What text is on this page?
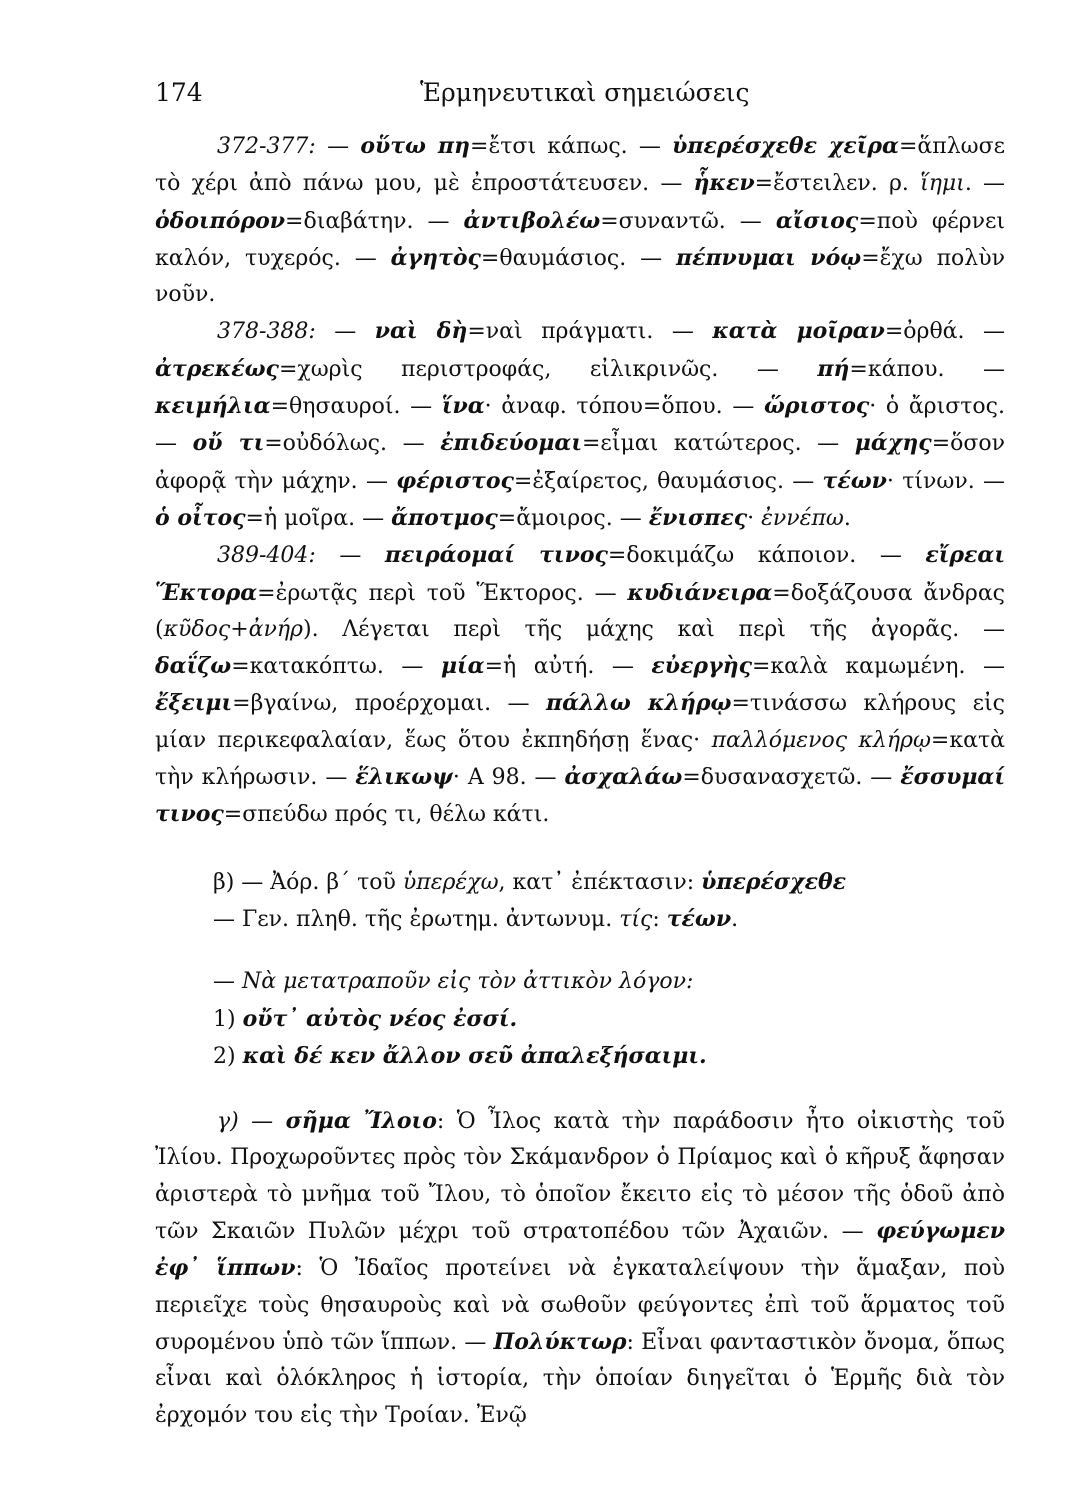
174	Ἑρμηνευτικαὶ σημειώσεις

372-377: — οὕτω πη=ἔτσι κάπως. — ὑπερέσχεθε χεῖρα=ἅπλωσε τὸ χέρι ἀπὸ πάνω μου, μὲ ἐπροστάτευσεν. — ἧκεν=ἔστειλεν. ρ. ἵημι. — ὁδοιπόρον=διαβάτην. — ἀντιβολέω=συναντῶ. — αἴσιος=ποὺ φέρνει καλόν, τυχερός. — ἀγητὸς=θαυμάσιος. — πέπνυμαι νόῳ=ἔχω πολὺν νοῦν.

378-388: — ναὶ δὴ=ναὶ πράγματι. — κατὰ μοῖραν=ὀρθά. — ἀτρεκέως=χωρὶς περιστροφάς, εἰλικρινῶς. — πή=κάπου. — κειμήλια=θησαυροί. — ἵνα· ἀναφ. τόπου=ὅπου. — ὥριστος· ὁ ἄριστος. — οὔ τι=οὐδόλως. — ἐπιδεύομαι=εἶμαι κατώτερος. — μάχης=ὅσον ἀφορᾷ τὴν μάχην. — φέριστος=ἐξαίρετος, θαυμάσιος. — τέων· τίνων. — ὁ οἶτος=ἡ μοῖρα. — ἄποτμος=ἄμοιρος. — ἔνισπες· ἐννέπω.

389-404: — πειράομαί τινος=δοκιμάζω κάποιον. — εἴρεαι Ἕκτορα=ἐρωτᾷς περὶ τοῦ Ἕκτορος. — κυδιάνειρα=δοξάζουσα ἄνδρας (κῦδος+ἀνήρ). Λέγεται περὶ τῆς μάχης καὶ περὶ τῆς ἀγορᾶς. — δαΐζω=κατακόπτω. — μία=ἡ αὐτή. — εὐεργὴς=καλὰ καμωμένη. — ἔξειμι=βγαίνω, προέρχομαι. — πάλλω κλήρῳ=τινάσσω κλήρους εἰς μίαν περικεφαλαίαν, ἕως ὅτου ἐκπηδήσῃ ἕνας· παλλόμενος κλήρῳ=κατὰ τὴν κλήρωσιν. — ἕλικωψ· Α 98. — ἀσχαλάω=δυσανασχετῶ. — ἔσσυμαί τινος=σπεύδω πρός τι, θέλω κάτι.

β) — Ἀόρ. β΄ τοῦ ὑπερέχω, κατ᾽ ἐπέκτασιν: ὑπερέσχεθε
— Γεν. πληθ. τῆς ἐρωτημ. ἀντωνυμ. τίς: τέων.
— Νὰ μετατραποῦν εἰς τὸν ἀττικὸν λόγον:
1) οὔτ᾽ αὐτὸς νέος ἐσσί.
2) καὶ δέ κεν ἄλλον σεῦ ἀπαλεξήσαιμι.

γ) — σῆμα Ἴλοιο: Ὁ Ἶλος κατὰ τὴν παράδοσιν ἦτο οἰκιστὴς τοῦ Ἰλίου. Προχωροῦντες πρὸς τὸν Σκάμανδρον ὁ Πρίαμος καὶ ὁ κῆρυξ ἄφησαν ἀριστερὰ τὸ μνῆμα τοῦ Ἴλου, τὸ ὁποῖον ἔκειτο εἰς τὸ μέσον τῆς ὁδοῦ ἀπὸ τῶν Σκαιῶν Πυλῶν μέχρι τοῦ στρατοπέδου τῶν Ἀχαιῶν. — φεύγωμεν ἐφ᾽ ἵππων: Ὁ Ἰδαῖος προτείνει νὰ ἐγκαταλείψουν τὴν ἅμαξαν, ποὺ περιεῖχε τοὺς θησαυροὺς καὶ νὰ σωθοῦν φεύγοντες ἐπὶ τοῦ ἅρματος τοῦ συρομένου ὑπὸ τῶν ἵππων. — Πολύκτωρ: Εἶναι φανταστικὸν ὄνομα, ὅπως εἶναι καὶ ὁλόκληρος ἡ ἱστορία, τὴν ὁποίαν διηγεῖται ὁ Ἑρμῆς διὰ τὸν ἐρχομόν του εἰς τὴν Τροίαν. Ἐνῷ
